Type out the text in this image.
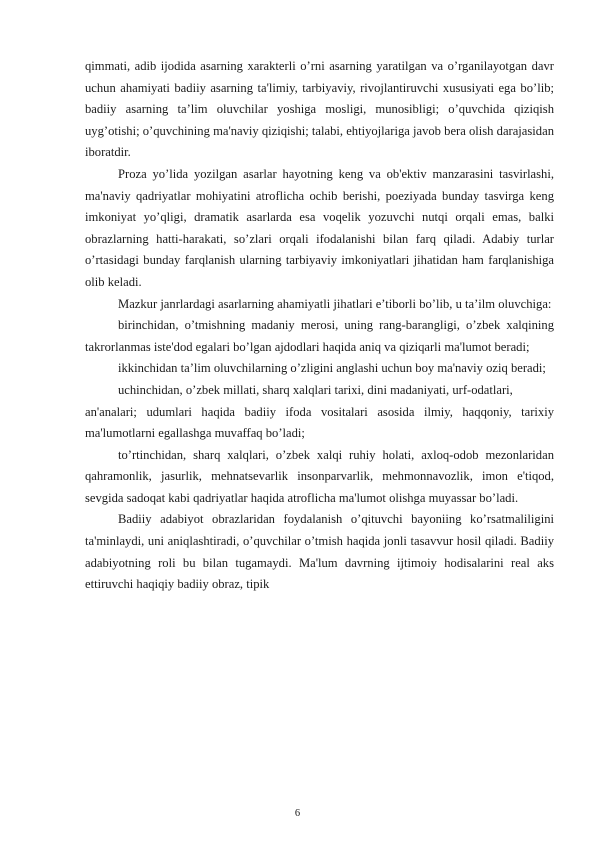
qimmati, adib ijodida asarning xarakterli o’rni asarning yaratilgan va o’rganilayotgan davr uchun ahamiyati badiiy asarning ta'limiy, tarbiyaviy, rivojlantiruvchi xususiyati ega bo’lib; badiiy asarning ta’lim oluvchilar yoshiga mosligi, munosibligi; o’quvchida qiziqish uyg’otishi; o’quvchining ma'naviy qiziqishi; talabi, ehtiyojlariga javob bera olish darajasidan iboratdir.

Proza yo’lida yozilgan asarlar hayotning keng va ob'ektiv manzarasini tasvirlashi, ma'naviy qadriyatlar mohiyatini atroflicha ochib berishi, poeziyada bunday tasvirga keng imkoniyat yo’qligi, dramatik asarlarda esa voqelik yozuvchi nutqi orqali emas, balki obrazlarning hatti-harakati, so’zlari orqali ifodalanishi bilan farq qiladi. Adabiy turlar o’rtasidagi bunday farqlanish ularning tarbiyaviy imkoniyatlari jihatidan ham farqlanishiga olib keladi.

Mazkur janrlardagi asarlarning ahamiyatli jihatlari e’tiborli bo’lib, u ta’ilm oluvchiga:

birinchidan, o’tmishning madaniy merosi, uning rang-barangligi, o’zbek xalqining takrorlanmas iste'dod egalari bo’lgan ajdodlari haqida aniq va qiziqarli ma'lumot beradi;

ikkinchidan ta’lim oluvchilarning o’zligini anglashi uchun boy ma'naviy oziq beradi;

uchinchidan, o’zbek millati, sharq xalqlari tarixi, dini madaniyati, urf-odatlari,

an'analari; udumlari haqida badiiy ifoda vositalari asosida ilmiy, haqqoniy, tarixiy ma'lumotlarni egallashga muvaffaq bo’ladi;

to’rtinchidan, sharq xalqlari, o’zbek xalqi ruhiy holati, axloq-odob mezonlaridan qahramonlik, jasurlik, mehnatsevarlik insonparvarlik, mehmonnavozlik, imon e'tiqod, sevgida sadoqat kabi qadriyatlar haqida atroflicha ma'lumot olishga muyassar bo’ladi.

Badiiy adabiyot obrazlaridan foydalanish o’qituvchi bayoniing ko’rsatmaliligini ta'minlaydi, uni aniqlashtiradi, o’quvchilar o’tmish haqida jonli tasavvur hosil qiladi. Badiiy adabiyotning roli bu bilan tugamaydi. Ma'lum davrning ijtimoiy hodisalarini real aks ettiruvchi haqiqiy badiiy obraz, tipik

6
